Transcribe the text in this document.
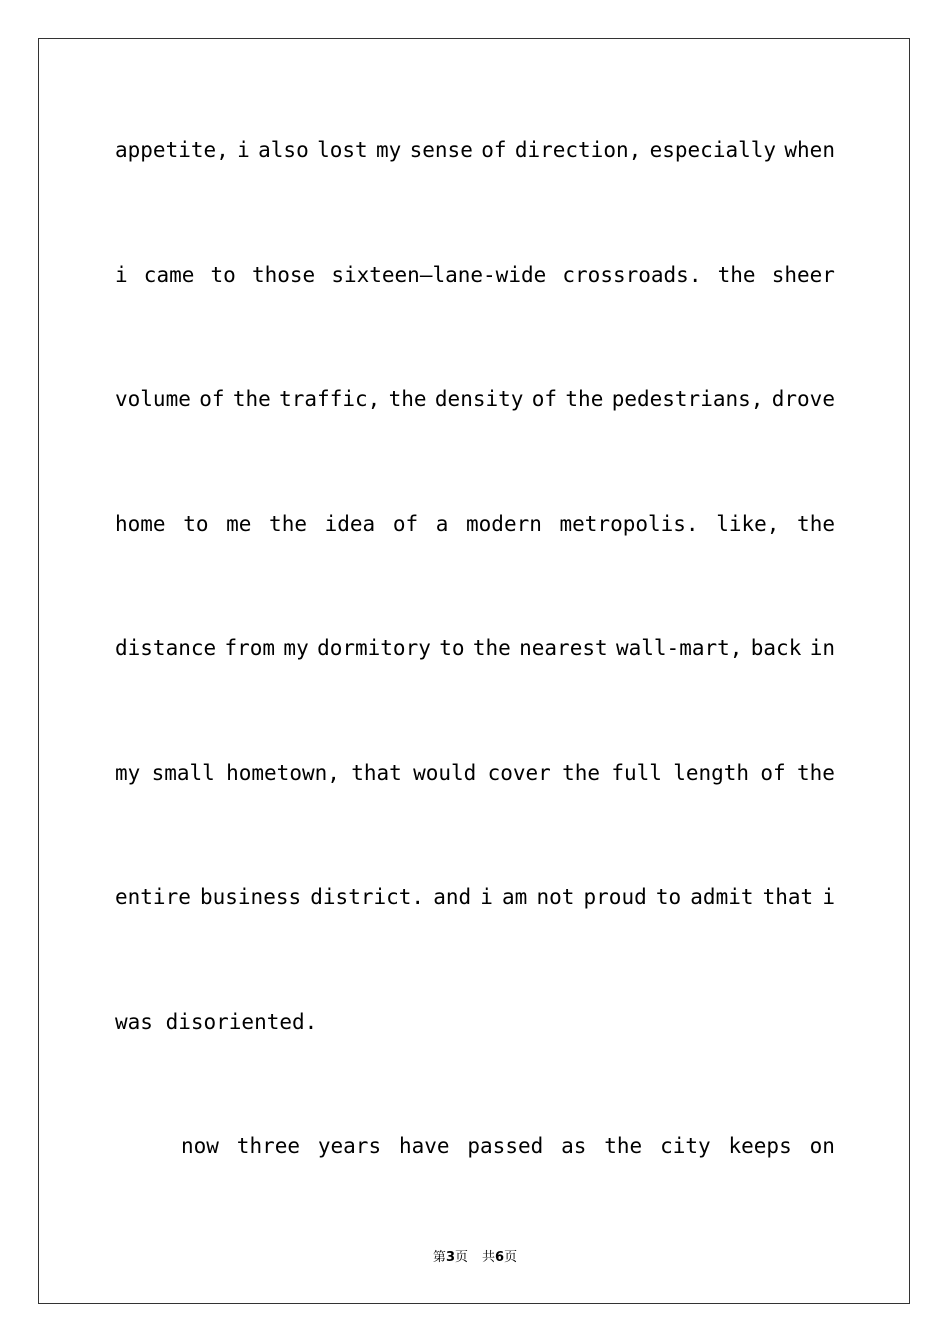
appetite, i also lost my sense of direction, especially when
i came to those sixteen–lane-wide crossroads. the sheer
volume of the traffic, the density of the pedestrians, drove
home to me the idea of a modern metropolis. like, the
distance from my dormitory to the nearest wall-mart, back in
my small hometown, that would cover the full length of the
entire business district. and i am not proud to admit that i
was disoriented.
now three years have passed as the city keeps on
第3页 共6页
